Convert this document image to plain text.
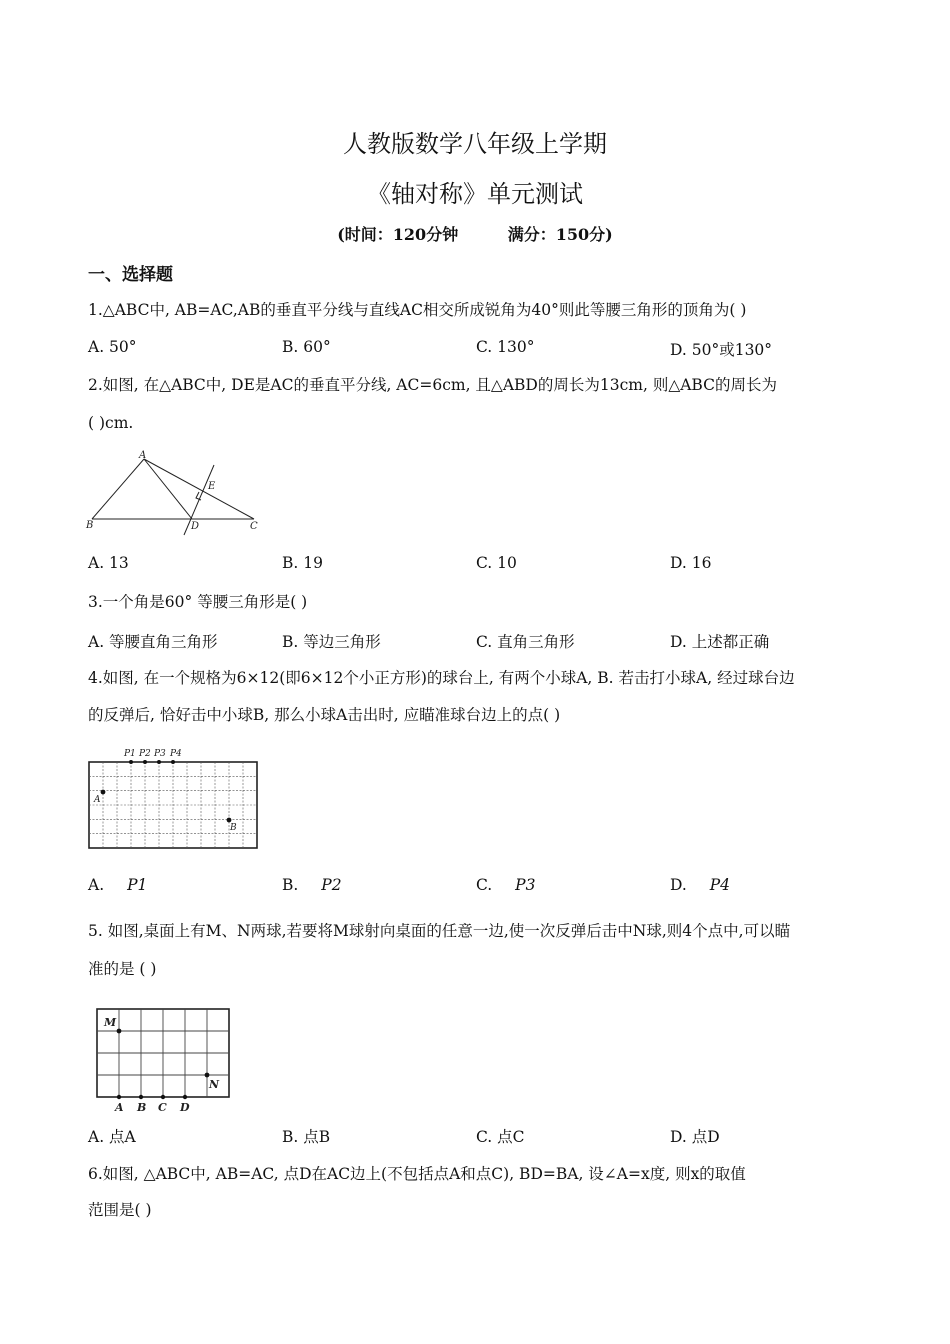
人教版数学八年级上学期
《轴对称》单元测试
(时间：120分钟	满分：150分)
一、选择题
1.△ABC中, AB=AC,AB的垂直平分线与直线AC相交所成锐角为40°则此等腰三角形的顶角为( )
A. 50°	B. 60°	C. 130°	D. 50°或130°
2.如图, 在△ABC中, DE是AC的垂直平分线, AC=6cm, 且△ABD的周长为13cm, 则△ABC的周长为
( )cm.
A
B	C
D
E
A. 13	B. 19	C. 10	D. 16
3.一个角是60° 等腰三角形是( )
A. 等腰直角三角形	B. 等边三角形	C. 直角三角形	D. 上述都正确
4.如图, 在一个规格为6×12(即6×12个小正方形)的球台上, 有两个小球A, B. 若击打小球A, 经过球台边
的反弹后, 恰好击中小球B, 那么小球A击出时, 应瞄准球台边上的点( )
P1 P2 P3 P4
A
B
A. P1	B. P2	C. P3	D. P4
5. 如图,桌面上有M、N两球,若要将M球射向桌面的任意一边,使一次反弹后击中N球,则4个点中,可以瞄
准的是 ( )
M
N
A B C D
A. 点A	B. 点B	C. 点C	D. 点D
6.如图, △ABC中, AB=AC, 点D在AC边上(不包括点A和点C), BD=BA, 设∠A=x度, 则x的取值
范围是( )
